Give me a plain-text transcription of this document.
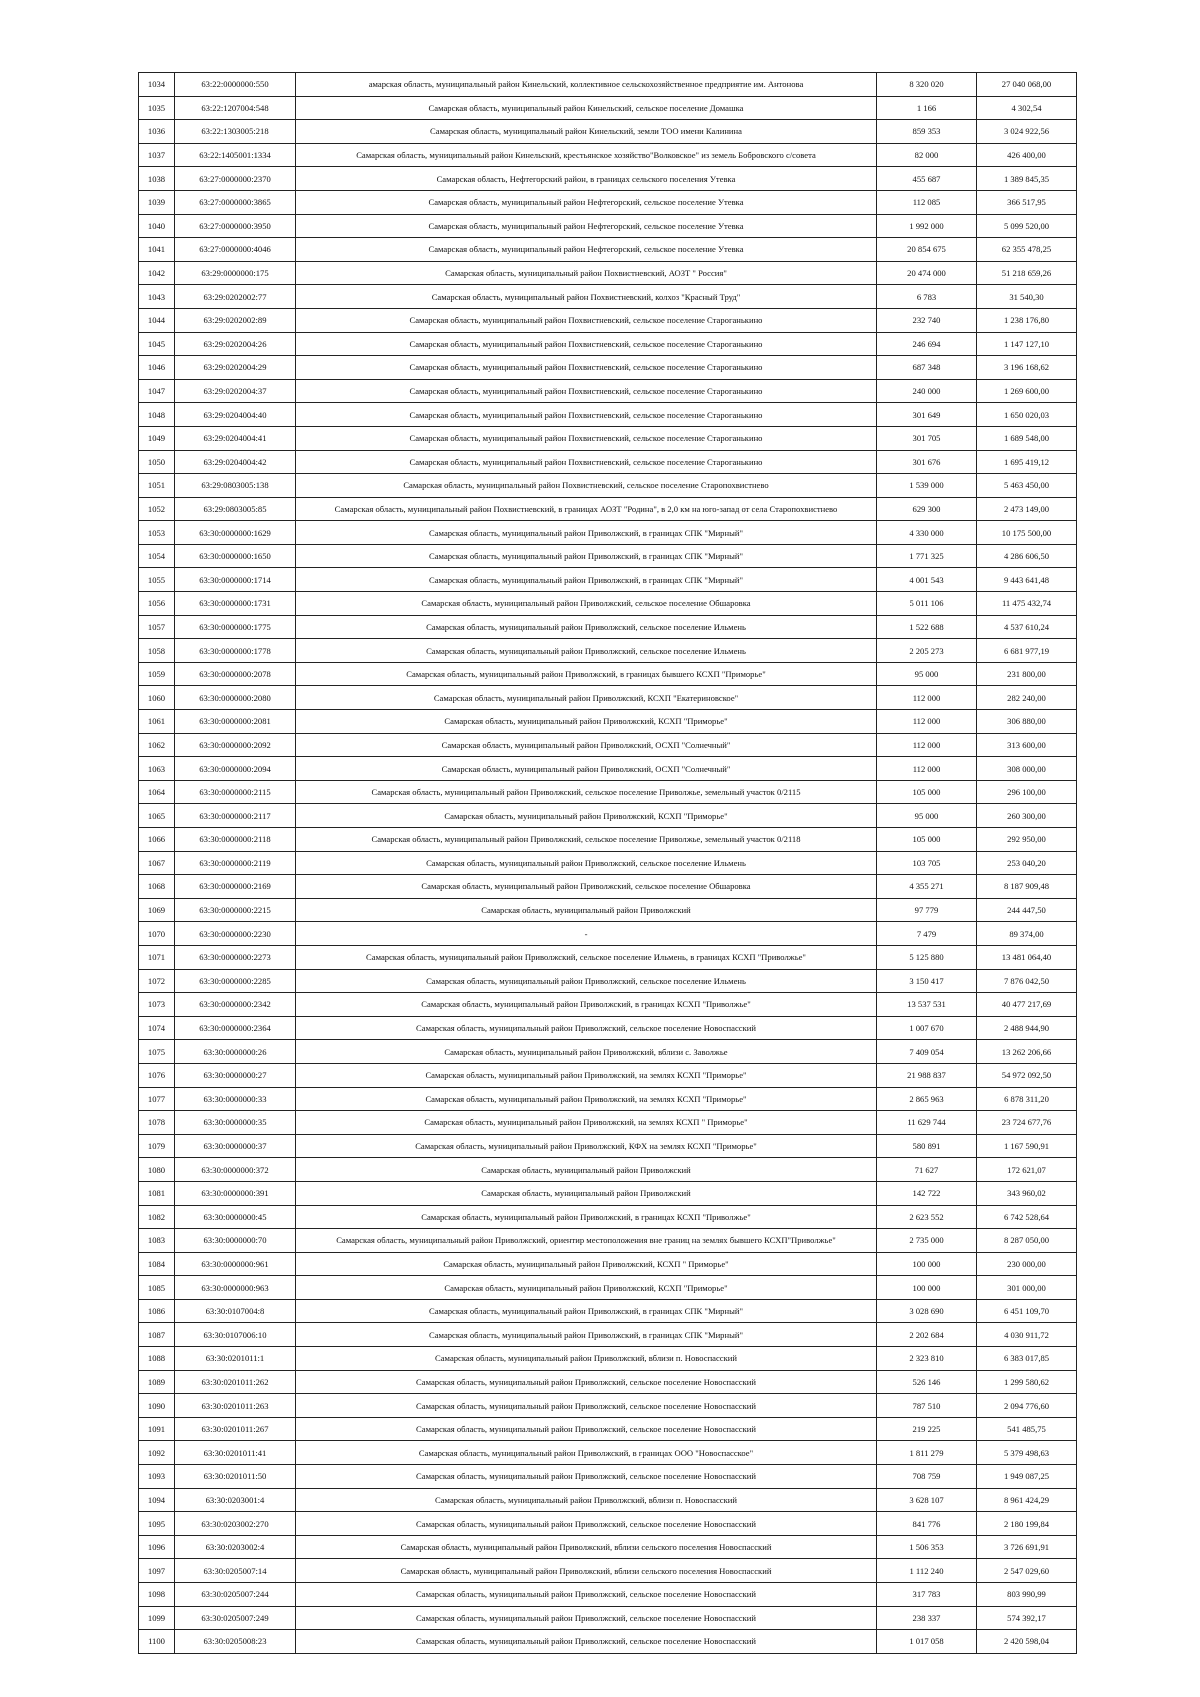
1034	63:22:0000000:550	амарская область, муниципальный район Кинельский, коллективное сельскохозяйственное предприятие им. Антонова	8 320 020	27 040 068,00
1035	63:22:1207004:548	Самарская область, муниципальный район Кинельский, сельское поселение Домашка	1 166	4 302,54
1036	63:22:1303005:218	Самарская область, муниципальный район Кинельский, земли ТОО имени Калинина	859 353	3 024 922,56
1037	63:22:1405001:1334	Самарская область, муниципальный район Кинельский, крестьянское хозяйство"Волковское" из земель Бобровского с/совета	82 000	426 400,00
1038	63:27:0000000:2370	Самарская область, Нефтегорский район, в границах сельского поселения Утевка	455 687	1 389 845,35
1039	63:27:0000000:3865	Самарская область, муниципальный район Нефтегорский, сельское поселение Утевка	112 085	366 517,95
1040	63:27:0000000:3950	Самарская область, муниципальный район Нефтегорский, сельское поселение Утевка	1 992 000	5 099 520,00
1041	63:27:0000000:4046	Самарская область, муниципальный район Нефтегорский, сельское поселение Утевка	20 854 675	62 355 478,25
1042	63:29:0000000:175	Самарская область, муниципальный район Похвистневский, АОЗТ " Россия"	20 474 000	51 218 659,26
1043	63:29:0202002:77	Самарская область, муниципальный район Похвистневский, колхоз "Красный Труд"	6 783	31 540,30
1044	63:29:0202002:89	Самарская область, муниципальный район Похвистневский, сельское поселение Староганькино	232 740	1 238 176,80
1045	63:29:0202004:26	Самарская область, муниципальный район Похвистневский, сельское поселение Староганькино	246 694	1 147 127,10
1046	63:29:0202004:29	Самарская область, муниципальный район Похвистневский, сельское поселение Староганькино	687 348	3 196 168,62
1047	63:29:0202004:37	Самарская область, муниципальный район Похвистневский, сельское поселение Староганькино	240 000	1 269 600,00
1048	63:29:0204004:40	Самарская область, муниципальный район Похвистневский, сельское поселение Староганькино	301 649	1 650 020,03
1049	63:29:0204004:41	Самарская область, муниципальный район Похвистневский, сельское поселение Староганькино	301 705	1 689 548,00
1050	63:29:0204004:42	Самарская область, муниципальный район Похвистневский, сельское поселение Староганькино	301 676	1 695 419,12
1051	63:29:0803005:138	Самарская область, муниципальный район Похвистневский, сельское поселение Старопохвистнево	1 539 000	5 463 450,00
1052	63:29:0803005:85	Самарская область, муниципальный район Похвистневский, в границах АОЗТ "Родина", в 2,0 км на юго-запад от села Старопохвистнево	629 300	2 473 149,00
1053	63:30:0000000:1629	Самарская область, муниципальный район Приволжский, в границах СПК "Мирный"	4 330 000	10 175 500,00
1054	63:30:0000000:1650	Самарская область, муниципальный район Приволжский, в границах СПК "Мирный"	1 771 325	4 286 606,50
1055	63:30:0000000:1714	Самарская область, муниципальный район Приволжский, в границах СПК "Мирный"	4 001 543	9 443 641,48
1056	63:30:0000000:1731	Самарская область, муниципальный район Приволжский, сельское поселение Обшаровка	5 011 106	11 475 432,74
1057	63:30:0000000:1775	Самарская область, муниципальный район Приволжский, сельское поселение Ильмень	1 522 688	4 537 610,24
1058	63:30:0000000:1778	Самарская область, муниципальный район Приволжский, сельское поселение Ильмень	2 205 273	6 681 977,19
1059	63:30:0000000:2078	Самарская область, муниципальный район Приволжский, в границах бывшего КСХП "Приморье"	95 000	231 800,00
1060	63:30:0000000:2080	Самарская область, муниципальный район Приволжский, КСХП "Екатериновское"	112 000	282 240,00
1061	63:30:0000000:2081	Самарская область, муниципальный район Приволжский, КСХП "Приморье"	112 000	306 880,00
1062	63:30:0000000:2092	Самарская область, муниципальный район Приволжский, ОСХП "Солнечный"	112 000	313 600,00
1063	63:30:0000000:2094	Самарская область, муниципальный район Приволжский, ОСХП "Солнечный"	112 000	308 000,00
1064	63:30:0000000:2115	Самарская область, муниципальный район Приволжский, сельское поселение Приволжье, земельный участок 0/2115	105 000	296 100,00
1065	63:30:0000000:2117	Самарская область, муниципальный район Приволжский, КСХП "Приморье"	95 000	260 300,00
1066	63:30:0000000:2118	Самарская область, муниципальный район Приволжский, сельское поселение Приволжье, земельный участок 0/2118	105 000	292 950,00
1067	63:30:0000000:2119	Самарская область, муниципальный район Приволжский, сельское поселение Ильмень	103 705	253 040,20
1068	63:30:0000000:2169	Самарская область, муниципальный район Приволжский, сельское поселение Обшаровка	4 355 271	8 187 909,48
1069	63:30:0000000:2215	Самарская область, муниципальный район Приволжский	97 779	244 447,50
1070	63:30:0000000:2230	-	7 479	89 374,00
1071	63:30:0000000:2273	Самарская область, муниципальный район Приволжский, сельское поселение Ильмень, в границах КСХП "Приволжье"	5 125 880	13 481 064,40
1072	63:30:0000000:2285	Самарская область, муниципальный район Приволжский, сельское поселение Ильмень	3 150 417	7 876 042,50
1073	63:30:0000000:2342	Самарская область, муниципальный район Приволжский, в границах КСХП "Приволжье"	13 537 531	40 477 217,69
1074	63:30:0000000:2364	Самарская область, муниципальный район Приволжский, сельское поселение Новоспасский	1 007 670	2 488 944,90
1075	63:30:0000000:26	Самарская область, муниципальный район Приволжский, вблизи с. Заволжье	7 409 054	13 262 206,66
1076	63:30:0000000:27	Самарская область, муниципальный район Приволжский, на землях КСХП "Приморье"	21 988 837	54 972 092,50
1077	63:30:0000000:33	Самарская область, муниципальный район Приволжский, на землях КСХП "Приморье"	2 865 963	6 878 311,20
1078	63:30:0000000:35	Самарская область, муниципальный район Приволжский, на землях КСХП " Приморье"	11 629 744	23 724 677,76
1079	63:30:0000000:37	Самарская область, муниципальный район Приволжский, КФХ на землях КСХП "Приморье"	580 891	1 167 590,91
1080	63:30:0000000:372	Самарская область, муниципальный район Приволжский	71 627	172 621,07
1081	63:30:0000000:391	Самарская область, муниципальный район Приволжский	142 722	343 960,02
1082	63:30:0000000:45	Самарская область, муниципальный район Приволжский, в границах КСХП "Приволжье"	2 623 552	6 742 528,64
1083	63:30:0000000:70	Самарская область, муниципальный район Приволжский, ориентир местоположения вне границ на землях бывшего КСХП"Приволжье"	2 735 000	8 287 050,00
1084	63:30:0000000:961	Самарская область, муниципальный район Приволжский, КСХП " Приморье"	100 000	230 000,00
1085	63:30:0000000:963	Самарская область, муниципальный район Приволжский, КСХП "Приморье"	100 000	301 000,00
1086	63:30:0107004:8	Самарская область, муниципальный район Приволжский, в границах СПК "Мирный"	3 028 690	6 451 109,70
1087	63:30:0107006:10	Самарская область, муниципальный район Приволжский, в границах СПК "Мирный"	2 202 684	4 030 911,72
1088	63:30:0201011:1	Самарская область, муниципальный район Приволжский, вблизи п. Новоспасский	2 323 810	6 383 017,85
1089	63:30:0201011:262	Самарская область, муниципальный район Приволжский, сельское поселение Новоспасский	526 146	1 299 580,62
1090	63:30:0201011:263	Самарская область, муниципальный район Приволжский, сельское поселение Новоспасский	787 510	2 094 776,60
1091	63:30:0201011:267	Самарская область, муниципальный район Приволжский, сельское поселение Новоспасский	219 225	541 485,75
1092	63:30:0201011:41	Самарская область, муниципальный район Приволжский, в границах ООО "Новоспасское"	1 811 279	5 379 498,63
1093	63:30:0201011:50	Самарская область, муниципальный район Приволжский, сельское поселение Новоспасский	708 759	1 949 087,25
1094	63:30:0203001:4	Самарская область, муниципальный район Приволжский, вблизи п. Новоспасский	3 628 107	8 961 424,29
1095	63:30:0203002:270	Самарская область, муниципальный район Приволжский, сельское поселение Новоспасский	841 776	2 180 199,84
1096	63:30:0203002:4	Самарская область, муниципальный район Приволжский, вблизи сельского поселения Новоспасский	1 506 353	3 726 691,91
1097	63:30:0205007:14	Самарская область, муниципальный район Приволжский, вблизи сельского поселения Новоспасский	1 112 240	2 547 029,60
1098	63:30:0205007:244	Самарская область, муниципальный район Приволжский, сельское поселение Новоспасский	317 783	803 990,99
1099	63:30:0205007:249	Самарская область, муниципальный район Приволжский, сельское поселение Новоспасский	238 337	574 392,17
1100	63:30:0205008:23	Самарская область, муниципальный район Приволжский, сельское поселение Новоспасский	1 017 058	2 420 598,04
